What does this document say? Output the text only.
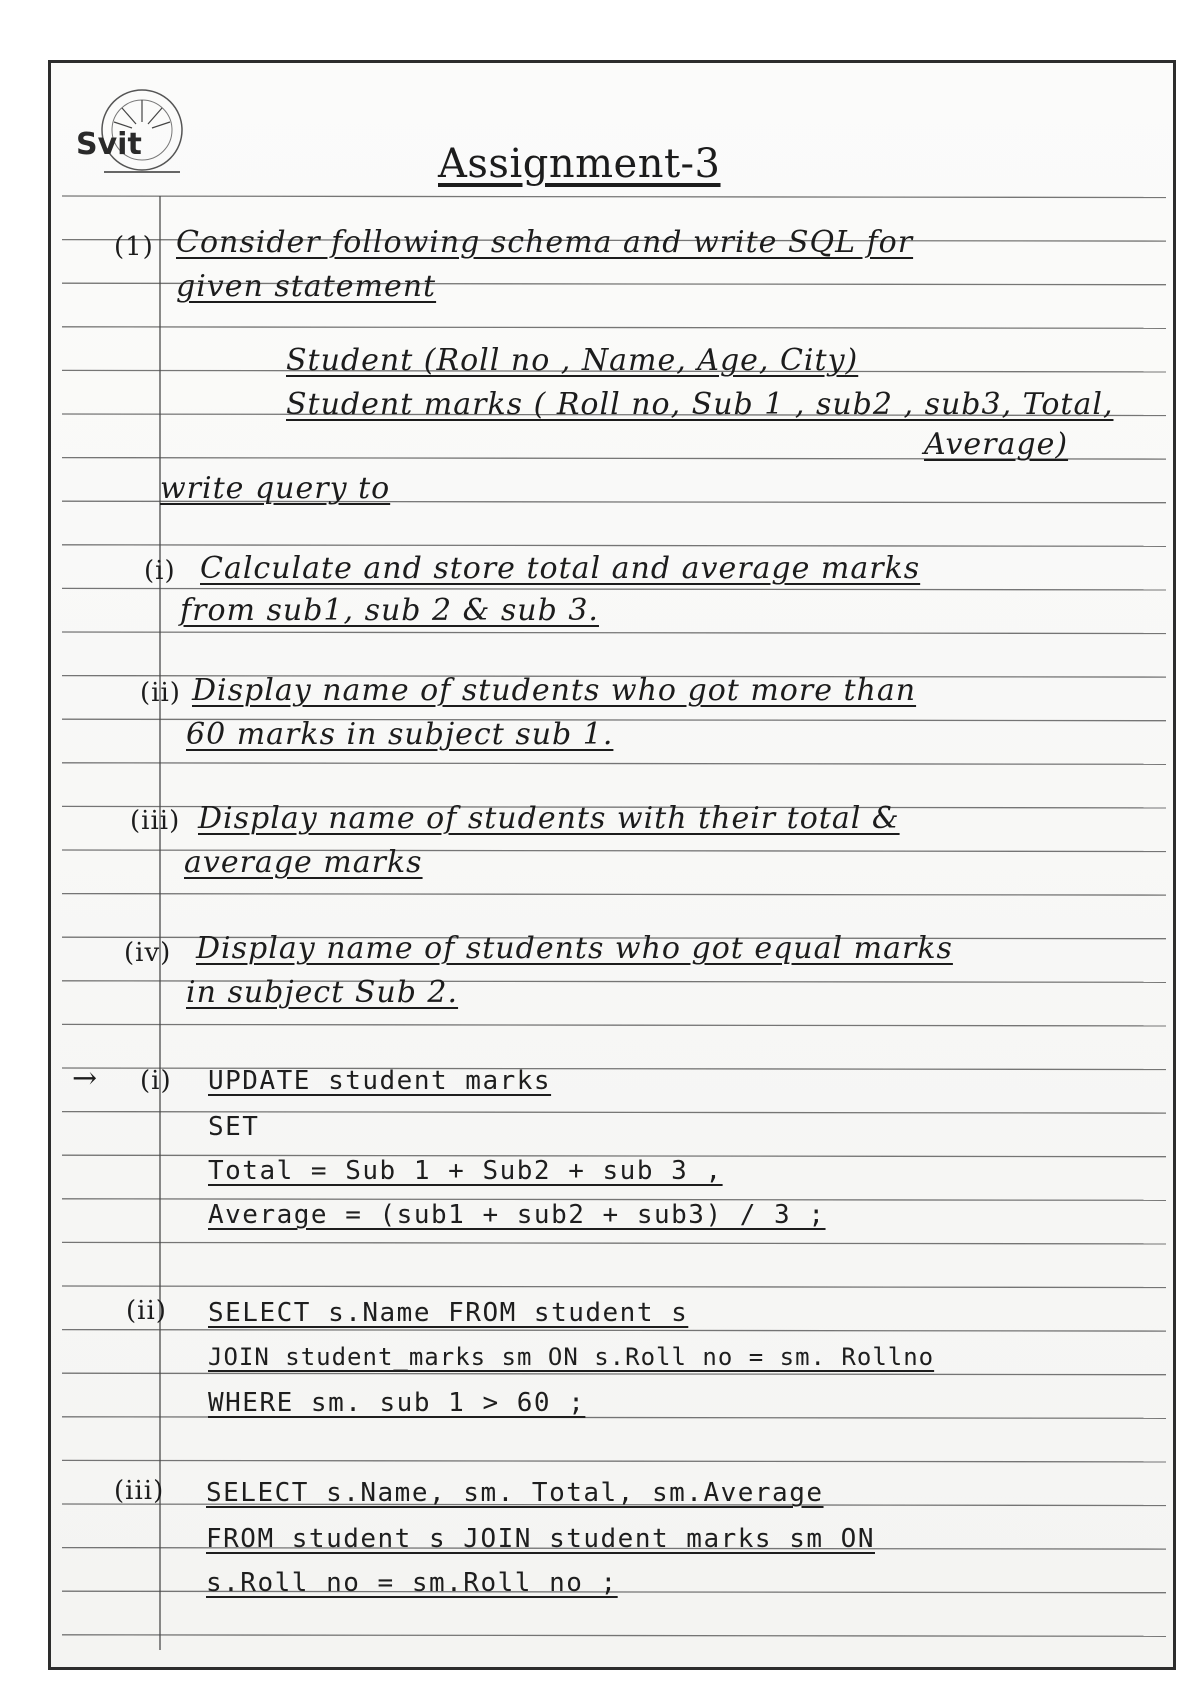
Svit	Assignment-3
(1) Consider following schema and write SQL for
given statement
Student (Roll no , Name, Age, City)
Student marks ( Roll no, Sub 1 , sub2 , sub3, Total,
Average)
write query to
(i) Calculate and store total and average marks
from sub1, sub 2 & sub 3.
(ii) Display name of students who got more than
60 marks in subject sub 1.
(iii) Display name of students with their total &
average marks
(iv) Display name of students who got equal marks
in subject Sub 2.
→ (i) UPDATE student_marks
SET
Total = Sub 1 + Sub2 + sub 3 ,
Average = (sub1 + sub2 + sub3) / 3 ;
(ii) SELECT s.Name FROM student s
JOIN student_marks sm ON s.Roll no = sm. Rollno
WHERE sm. sub 1 > 60 ;
(iii) SELECT s.Name, sm. Total, sm.Average
FROM student s JOIN student_marks sm ON
s.Roll no = sm.Roll no ;
